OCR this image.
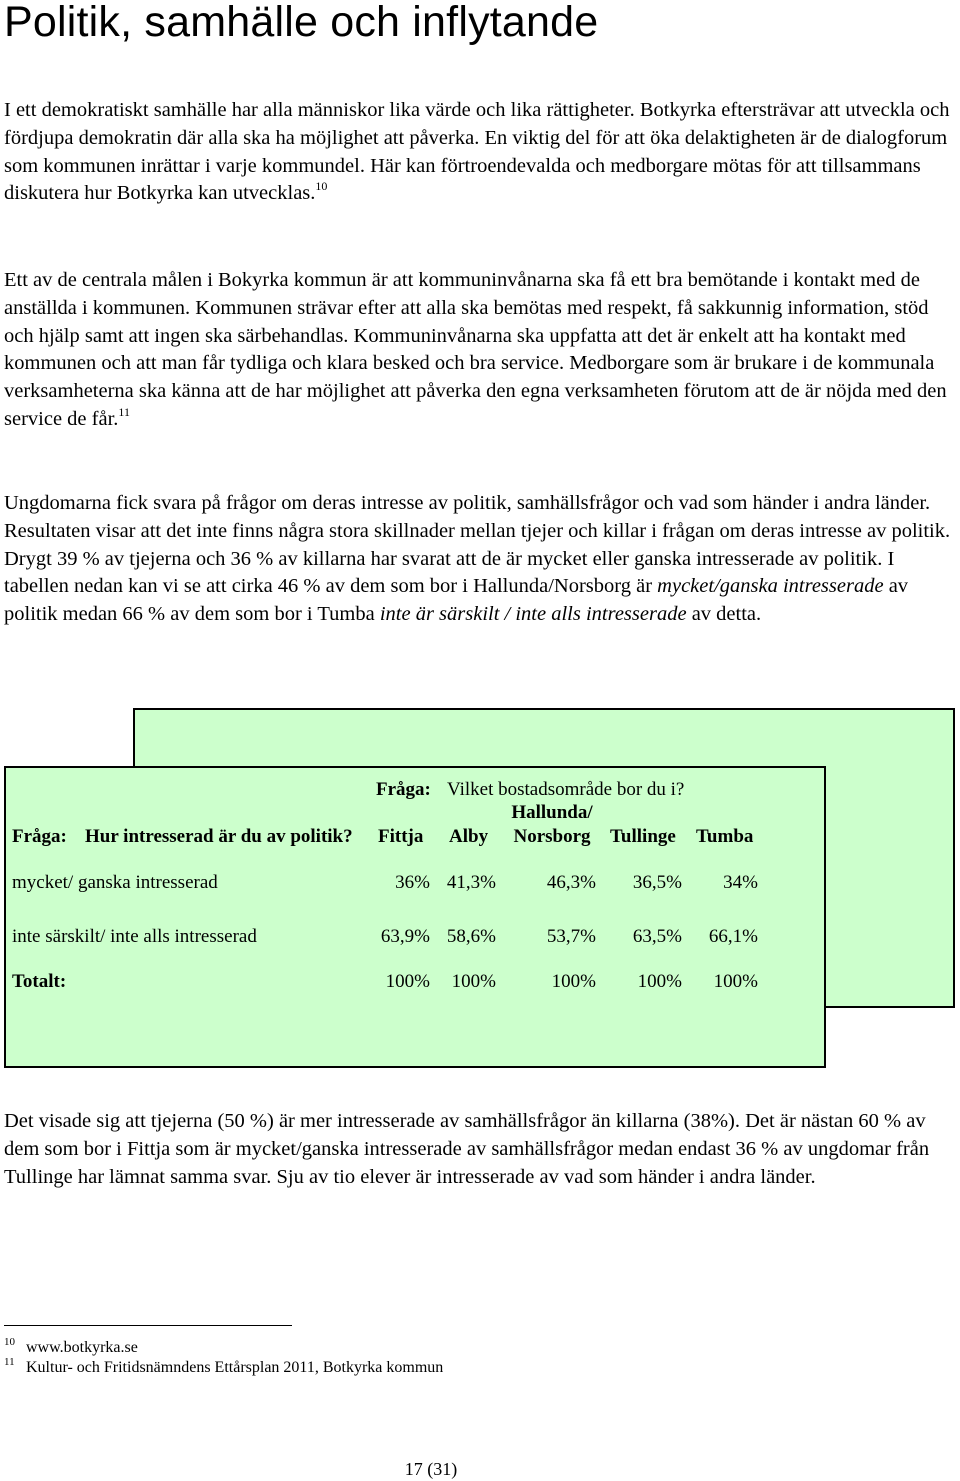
Politik, samhälle och inflytande

I ett demokratiskt samhälle har alla människor lika värde och lika rättigheter. Botkyrka eftersträvar att utveckla och fördjupa demokratin där alla ska ha möjlighet att påverka. En viktig del för att öka delaktigheten är de dialogforum som kommunen inrättar i varje kommundel. Här kan förtroendevalda och medborgare mötas för att tillsammans diskutera hur Botkyrka kan utvecklas.$^{10}$

Ett av de centrala målen i Bokyrka kommun är att kommuninvånarna ska få ett bra bemötande i kontakt med de anställda i kommunen. Kommunen strävar efter att alla ska bemötas med respekt, få sakkunnig information, stöd och hjälp samt att ingen ska särbehandlas. Kommuninvånarna ska uppfatta att det är enkelt att ha kontakt med kommunen och att man får tydliga och klara besked och bra service. Medborgare som är brukare i de kommunala verksamheterna ska känna att de har möjlighet att påverka den egna verksamheten förutom att de är nöjda med den service de får.$^{11}$

Ungdomarna fick svara på frågor om deras intresse av politik, samhällsfrågor och vad som händer i andra länder. Resultaten visar att det inte finns några stora skillnader mellan tjejer och killar i frågan om deras intresse av politik. Drygt 39 % av tjejerna och 36 % av killarna har svarat att de är mycket eller ganska intresserade av politik. I tabellen nedan kan vi se att cirka 46 % av dem som bor i Hallunda/Norsborg är mycket/ganska intresserade av politik medan 66 % av dem som bor i Tumba inte är särskilt / inte alls intresserade av detta.

Fråga: Vilket bostadsområde bor du i?
Fråga: Hur intresserad är du av politik? Fittja Alby
Hallunda/
Norsborg	Tullinge Tumba
mycket/ ganska intresserad	36% 41,3%	46,3%	36,5%	34%
inte särskilt/ inte alls intresserad	63,9% 58,6%	53,7%	63,5%	66,1%
Totalt:	100%	100%	100%	100%	100%

Det visade sig att tjejerna (50 %) är mer intresserade av samhällsfrågor än killarna (38%). Det är nästan 60 % av dem som bor i Fittja som är mycket/ganska intresserade av samhällsfrågor medan endast 36 % av ungdomar från Tullinge har lämnat samma svar. Sju av tio elever är intresserade av vad som händer i andra länder.

10 www.botkyrka.se
11 Kultur- och Fritidsnämndens Ettårsplan 2011, Botkyrka kommun
17 (31)
